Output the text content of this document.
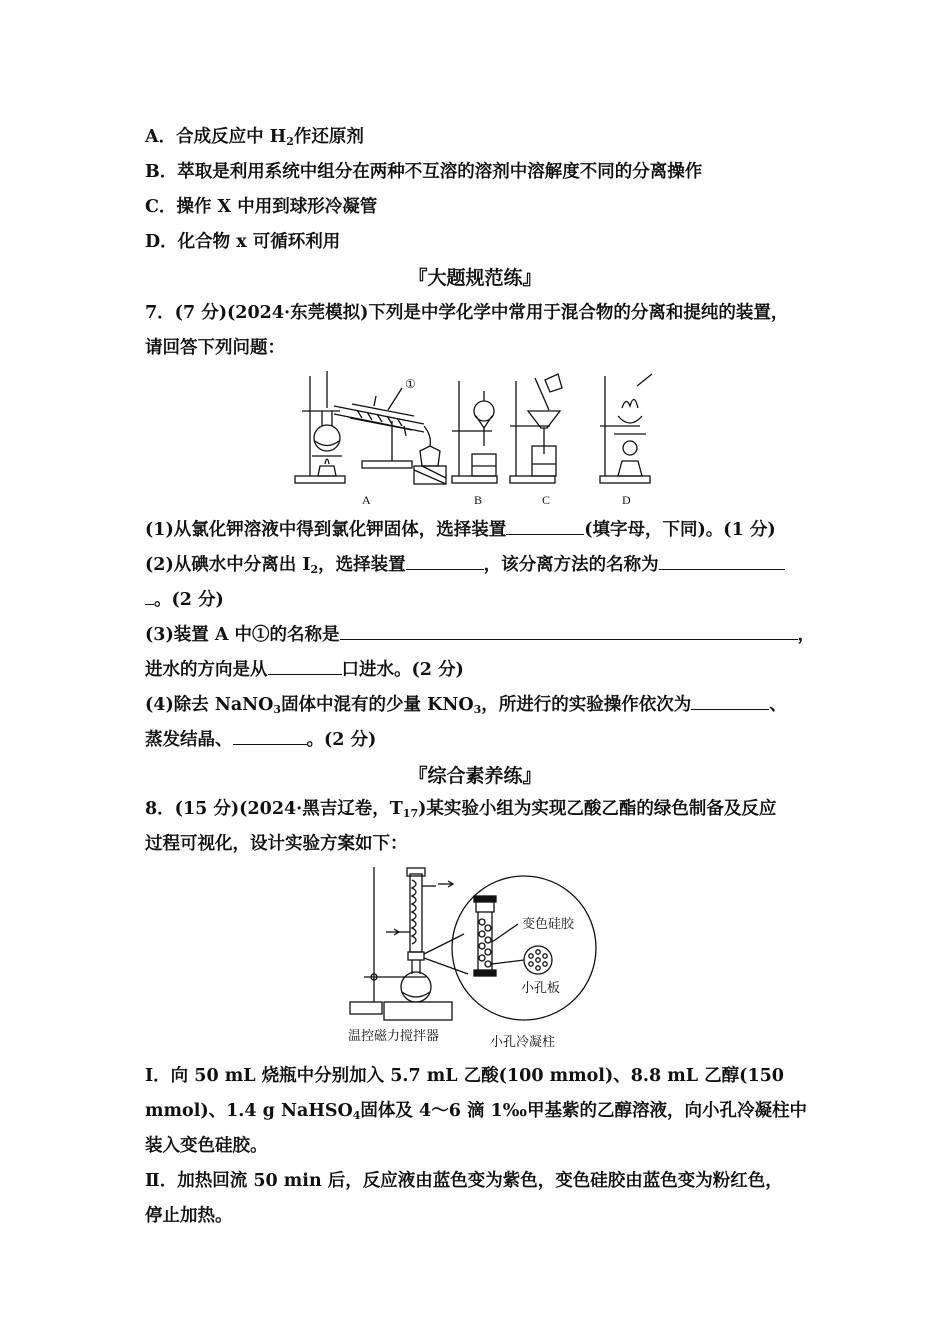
A．合成反应中 $H_2$作还原剂
B．萃取是利用系统中组分在两种不互溶的溶剂中溶解度不同的分离操作
C．操作 X 中用到球形冷凝管
D．化合物 x 可循环利用
『大题规范练』
7．(7 分)(2024·东莞模拟)下列是中学化学中常用于混合物的分离和提纯的装置，
请回答下列问题：
①
A	B	C	D
(1)从氯化钾溶液中得到氯化钾固体，选择装置	(填字母，下同)。(1 分)
(2)从碘水中分离出 $I_2$，选择装置	，该分离方法的名称为
。(2 分)
(3)装置 A 中①的名称是	，
进水的方向是从	口进水。(2 分)
(4)除去 NaNO$_3$固体中混有的少量 $KNO_3$，所进行的实验操作依次为	、
蒸发结晶、	。(2 分)
『综合素养练』
8．(15 分)(2024·黑吉辽卷，$T_{17}$)某实验小组为实现乙酸乙酯的绿色制备及反应
过程可视化，设计实验方案如下：
变色硅胶
小孔板
温控磁力搅拌器	小孔冷凝柱
Ⅰ．向 50 mL 烧瓶中分别加入 5.7 mL 乙酸(100 mmol)、8.8 mL 乙醇(150
mmol)、1.4 g NaHSO$_4$固体及 4～6 滴 1‰甲基紫的乙醇溶液，向小孔冷凝柱中
装入变色硅胶。
Ⅱ．加热回流 50 min 后，反应液由蓝色变为紫色，变色硅胶由蓝色变为粉红色，
停止加热。
